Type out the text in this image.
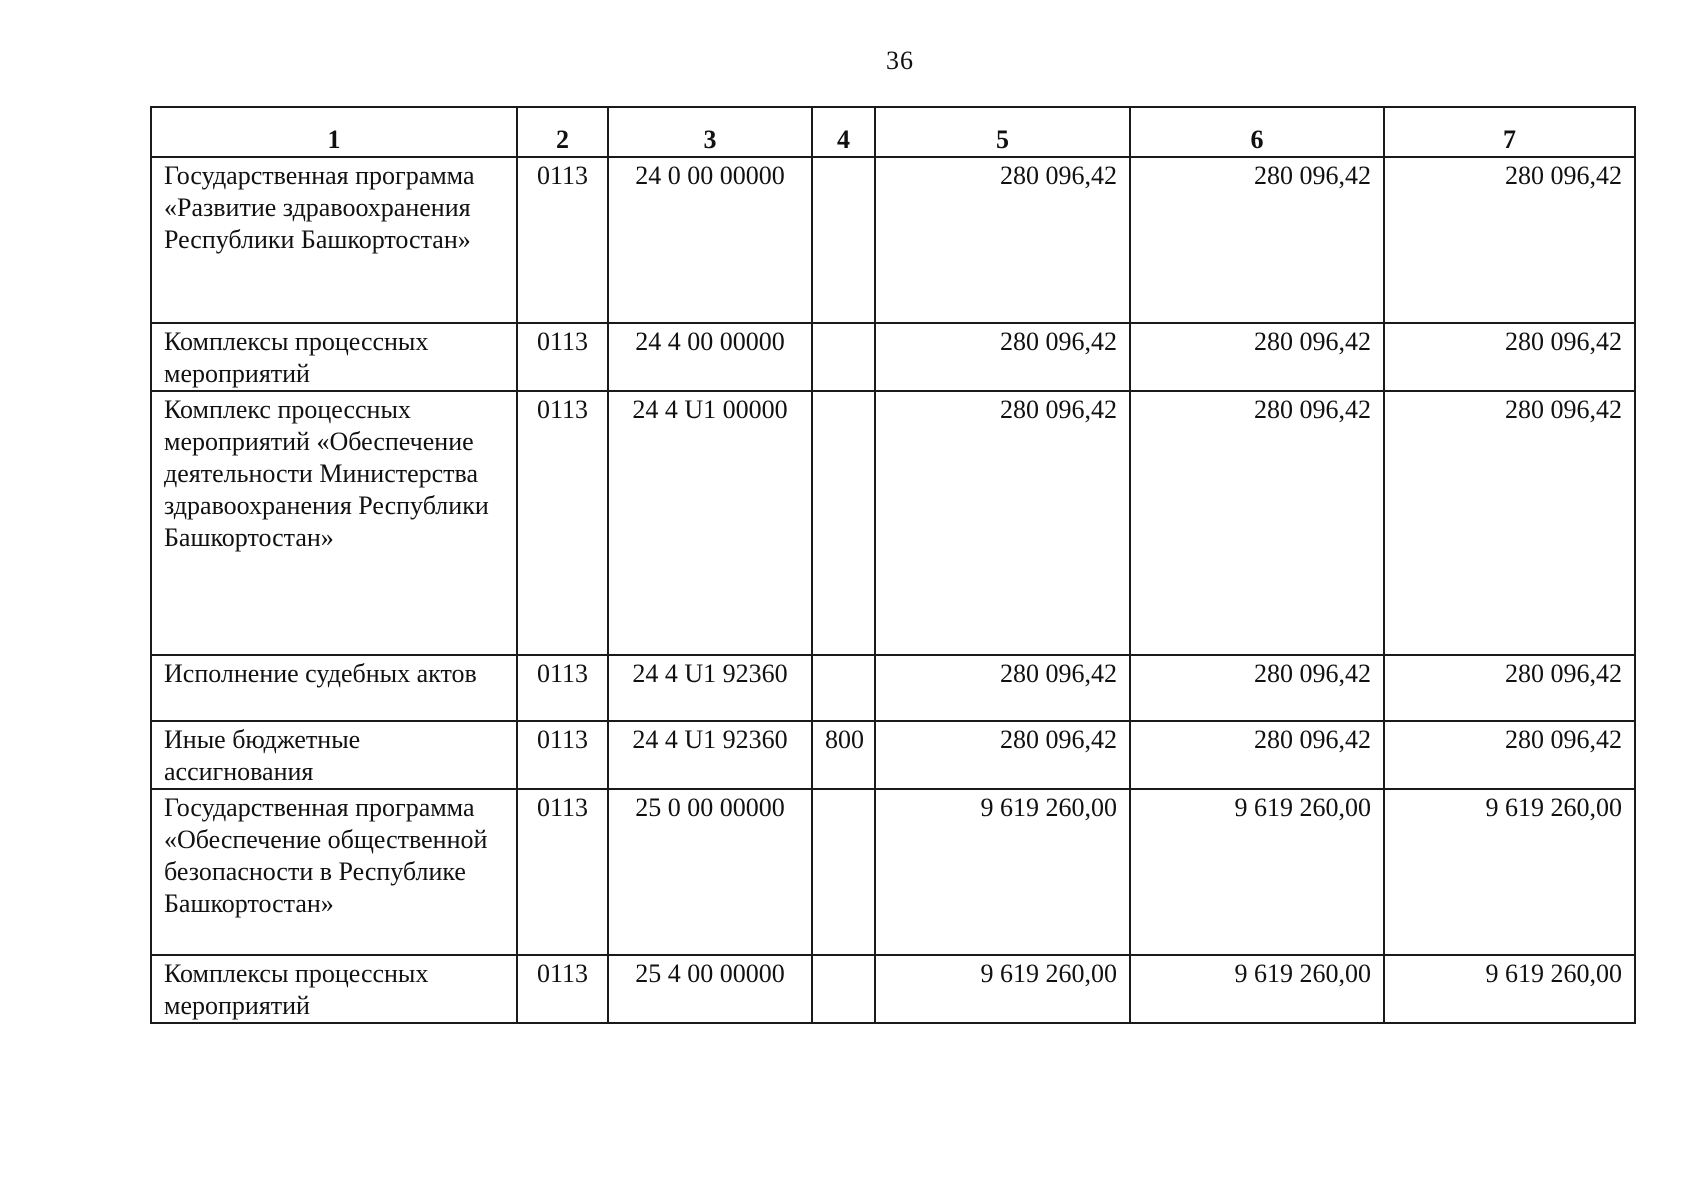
36
1	2	3	4	5	6	7
Государственная программа «Развитие здравоохранения Республики Башкортостан»	0113	24 0 00 00000		280 096,42	280 096,42	280 096,42
Комплексы процессных мероприятий	0113	24 4 00 00000		280 096,42	280 096,42	280 096,42
Комплекс процессных мероприятий «Обеспечение деятельности Министерства здравоохранения Республики Башкортостан»	0113	24 4 U1 00000		280 096,42	280 096,42	280 096,42
Исполнение судебных актов	0113	24 4 U1 92360		280 096,42	280 096,42	280 096,42
Иные бюджетные ассигнования	0113	24 4 U1 92360	800	280 096,42	280 096,42	280 096,42
Государственная программа «Обеспечение общественной безопасности в Республике Башкортостан»	0113	25 0 00 00000		9 619 260,00	9 619 260,00	9 619 260,00
Комплексы процессных мероприятий	0113	25 4 00 00000		9 619 260,00	9 619 260,00	9 619 260,00
